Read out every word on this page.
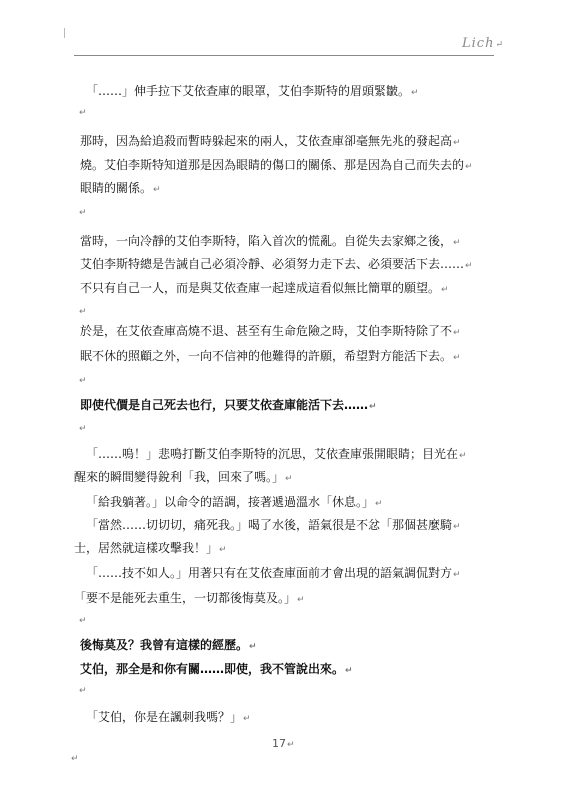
Lich↵
「……」伸手拉下艾依查庫的眼罩，艾伯李斯特的眉頭緊皺。↵
↵
那時，因為給追殺而暫時躲起來的兩人，艾依查庫卻毫無先兆的發起高↵
燒。艾伯李斯特知道那是因為眼睛的傷口的關係、那是因為自己而失去的↵
眼睛的關係。↵
↵
當時，一向冷靜的艾伯李斯特，陷入首次的慌亂。自從失去家鄉之後，↵
艾伯李斯特總是告誡自己必須冷靜、必須努力走下去、必須要活下去……↵
不只有自己一人，而是與艾依查庫一起達成這看似無比簡單的願望。↵
↵
於是，在艾依查庫高燒不退、甚至有生命危險之時，艾伯李斯特除了不↵
眠不休的照顧之外，一向不信神的他難得的許願，希望對方能活下去。↵
↵
即使代價是自己死去也行，只要艾依查庫能活下去……↵
↵
「……嗚！」悲鳴打斷艾伯李斯特的沉思，艾依查庫張開眼睛；目光在↵
醒來的瞬間變得銳利「我，回來了嗎。」↵
「給我躺著。」以命令的語調，接著遞過溫水「休息。」↵
「當然……切切切，痛死我。」喝了水後，語氣很是不忿「那個甚麼騎↵
士，居然就這樣攻擊我！」↵
「……技不如人。」用著只有在艾依查庫面前才會出現的語氣調侃對方↵
「要不是能死去重生，一切都後悔莫及。」↵
↵
後悔莫及？我曾有這樣的經歷。↵
艾伯，那全是和你有關……即使，我不管說出來。↵
↵
「艾伯，你是在諷刺我嗎？」↵
17↵
↵
